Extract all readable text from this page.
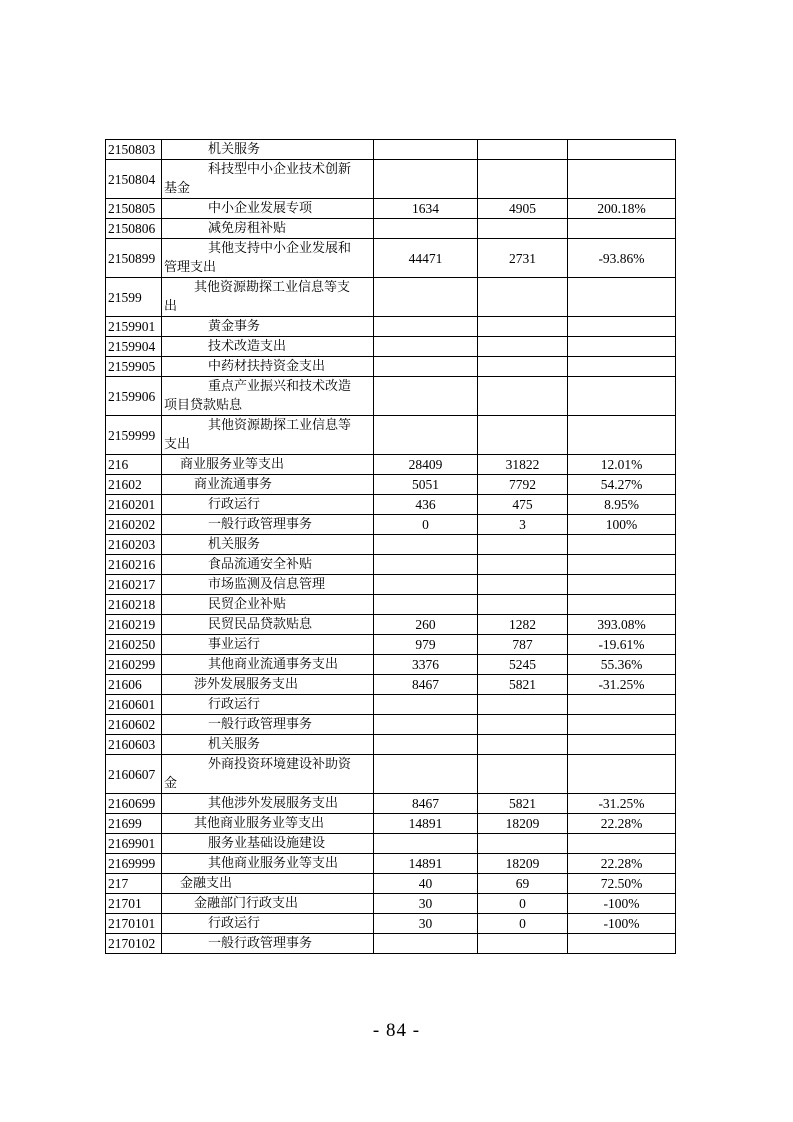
2150803	机关服务			

2150804	科技型中小企业技术创新
基金			

2150805	中小企业发展专项	1634	4905	200.18%
2150806	减免房租补贴			

2150899	其他支持中小企业发展和
管理支出	44471	2731	-93.86%
21599	其他资源勘探工业信息等支
出			

2159901	黄金事务			

2159904	技术改造支出			

2159905	中药材扶持资金支出			

2159906	重点产业振兴和技术改造
项目贷款贴息			

2159999	其他资源勘探工业信息等
支出			

216	商业服务业等支出	28409	31822	12.01%
21602	商业流通事务	5051	7792	54.27%
2160201	行政运行	436	475	8.95%
2160202	一般行政管理事务	0	3	100%
2160203	机关服务			

2160216	食品流通安全补贴			

2160217	市场监测及信息管理			

2160218	民贸企业补贴			

2160219	民贸民品贷款贴息	260	1282	393.08%
2160250	事业运行	979	787	-19.61%
2160299	其他商业流通事务支出	3376	5245	55.36%
21606	涉外发展服务支出	8467	5821	-31.25%
2160601	行政运行			

2160602	一般行政管理事务			

2160603	机关服务			

2160607	外商投资环境建设补助资
金			

2160699	其他涉外发展服务支出	8467	5821	-31.25%
21699	其他商业服务业等支出	14891	18209	22.28%
2169901	服务业基础设施建设			

2169999	其他商业服务业等支出	14891	18209	22.28%
217	金融支出	40	69	72.50%
21701	金融部门行政支出	30	0	-100%
2170101	行政运行	30	0	-100%
2170102	一般行政管理事务			

- 84 -
